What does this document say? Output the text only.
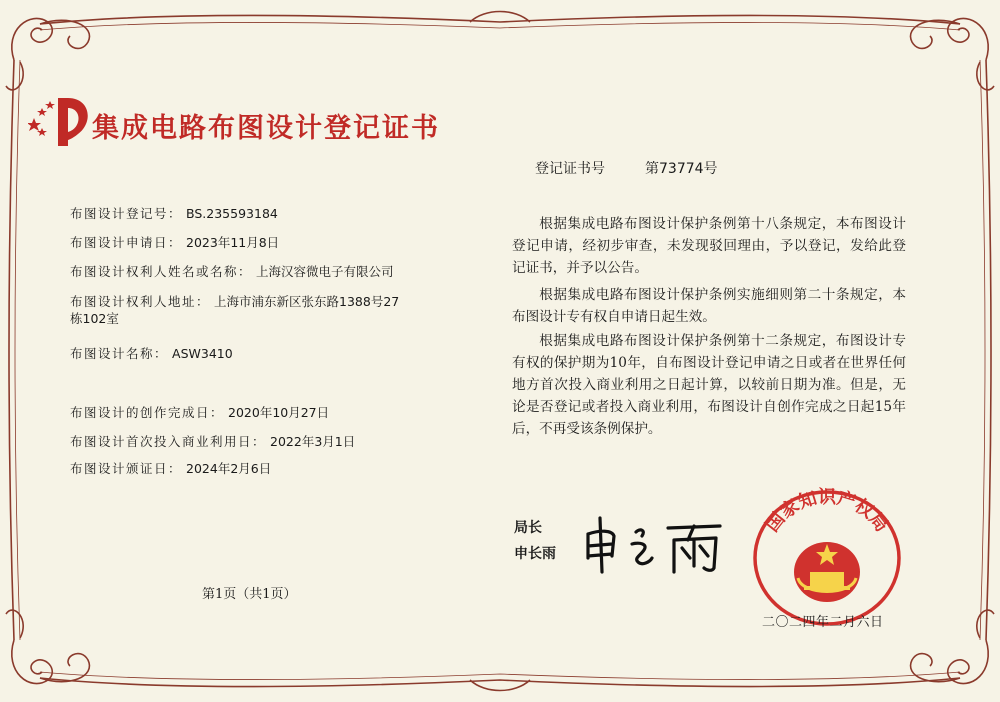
集成电路布图设计登记证书
登记证书号	第73774号
布图设计登记号： BS.235593184
布图设计申请日： 2023年11月8日
布图设计权利人姓名或名称： 上海汉容微电子有限公司
布图设计权利人地址： 上海市浦东新区张东路1388号27栋102室
布图设计名称： ASW3410
布图设计的创作完成日： 2020年10月27日
布图设计首次投入商业利用日： 2022年3月1日
布图设计颁证日： 2024年2月6日

根据集成电路布图设计保护条例第十八条规定，本布图设计登记申请，经初步审查，未发现驳回理由，予以登记，发给此登记证书，并予以公告。

根据集成电路布图设计保护条例实施细则第二十条规定，本布图设计专有权自申请日起生效。

根据集成电路布图设计保护条例第十二条规定，布图设计专有权的保护期为10年，自布图设计登记申请之日或者在世界任何地方首次投入商业利用之日起计算，以较前日期为准。但是，无论是否登记或者投入商业利用，布图设计自创作完成之日起15年后，不再受该条例保护。

局长
申长雨
国家知识产权局
二〇二四年二月六日
第1页（共1页）
